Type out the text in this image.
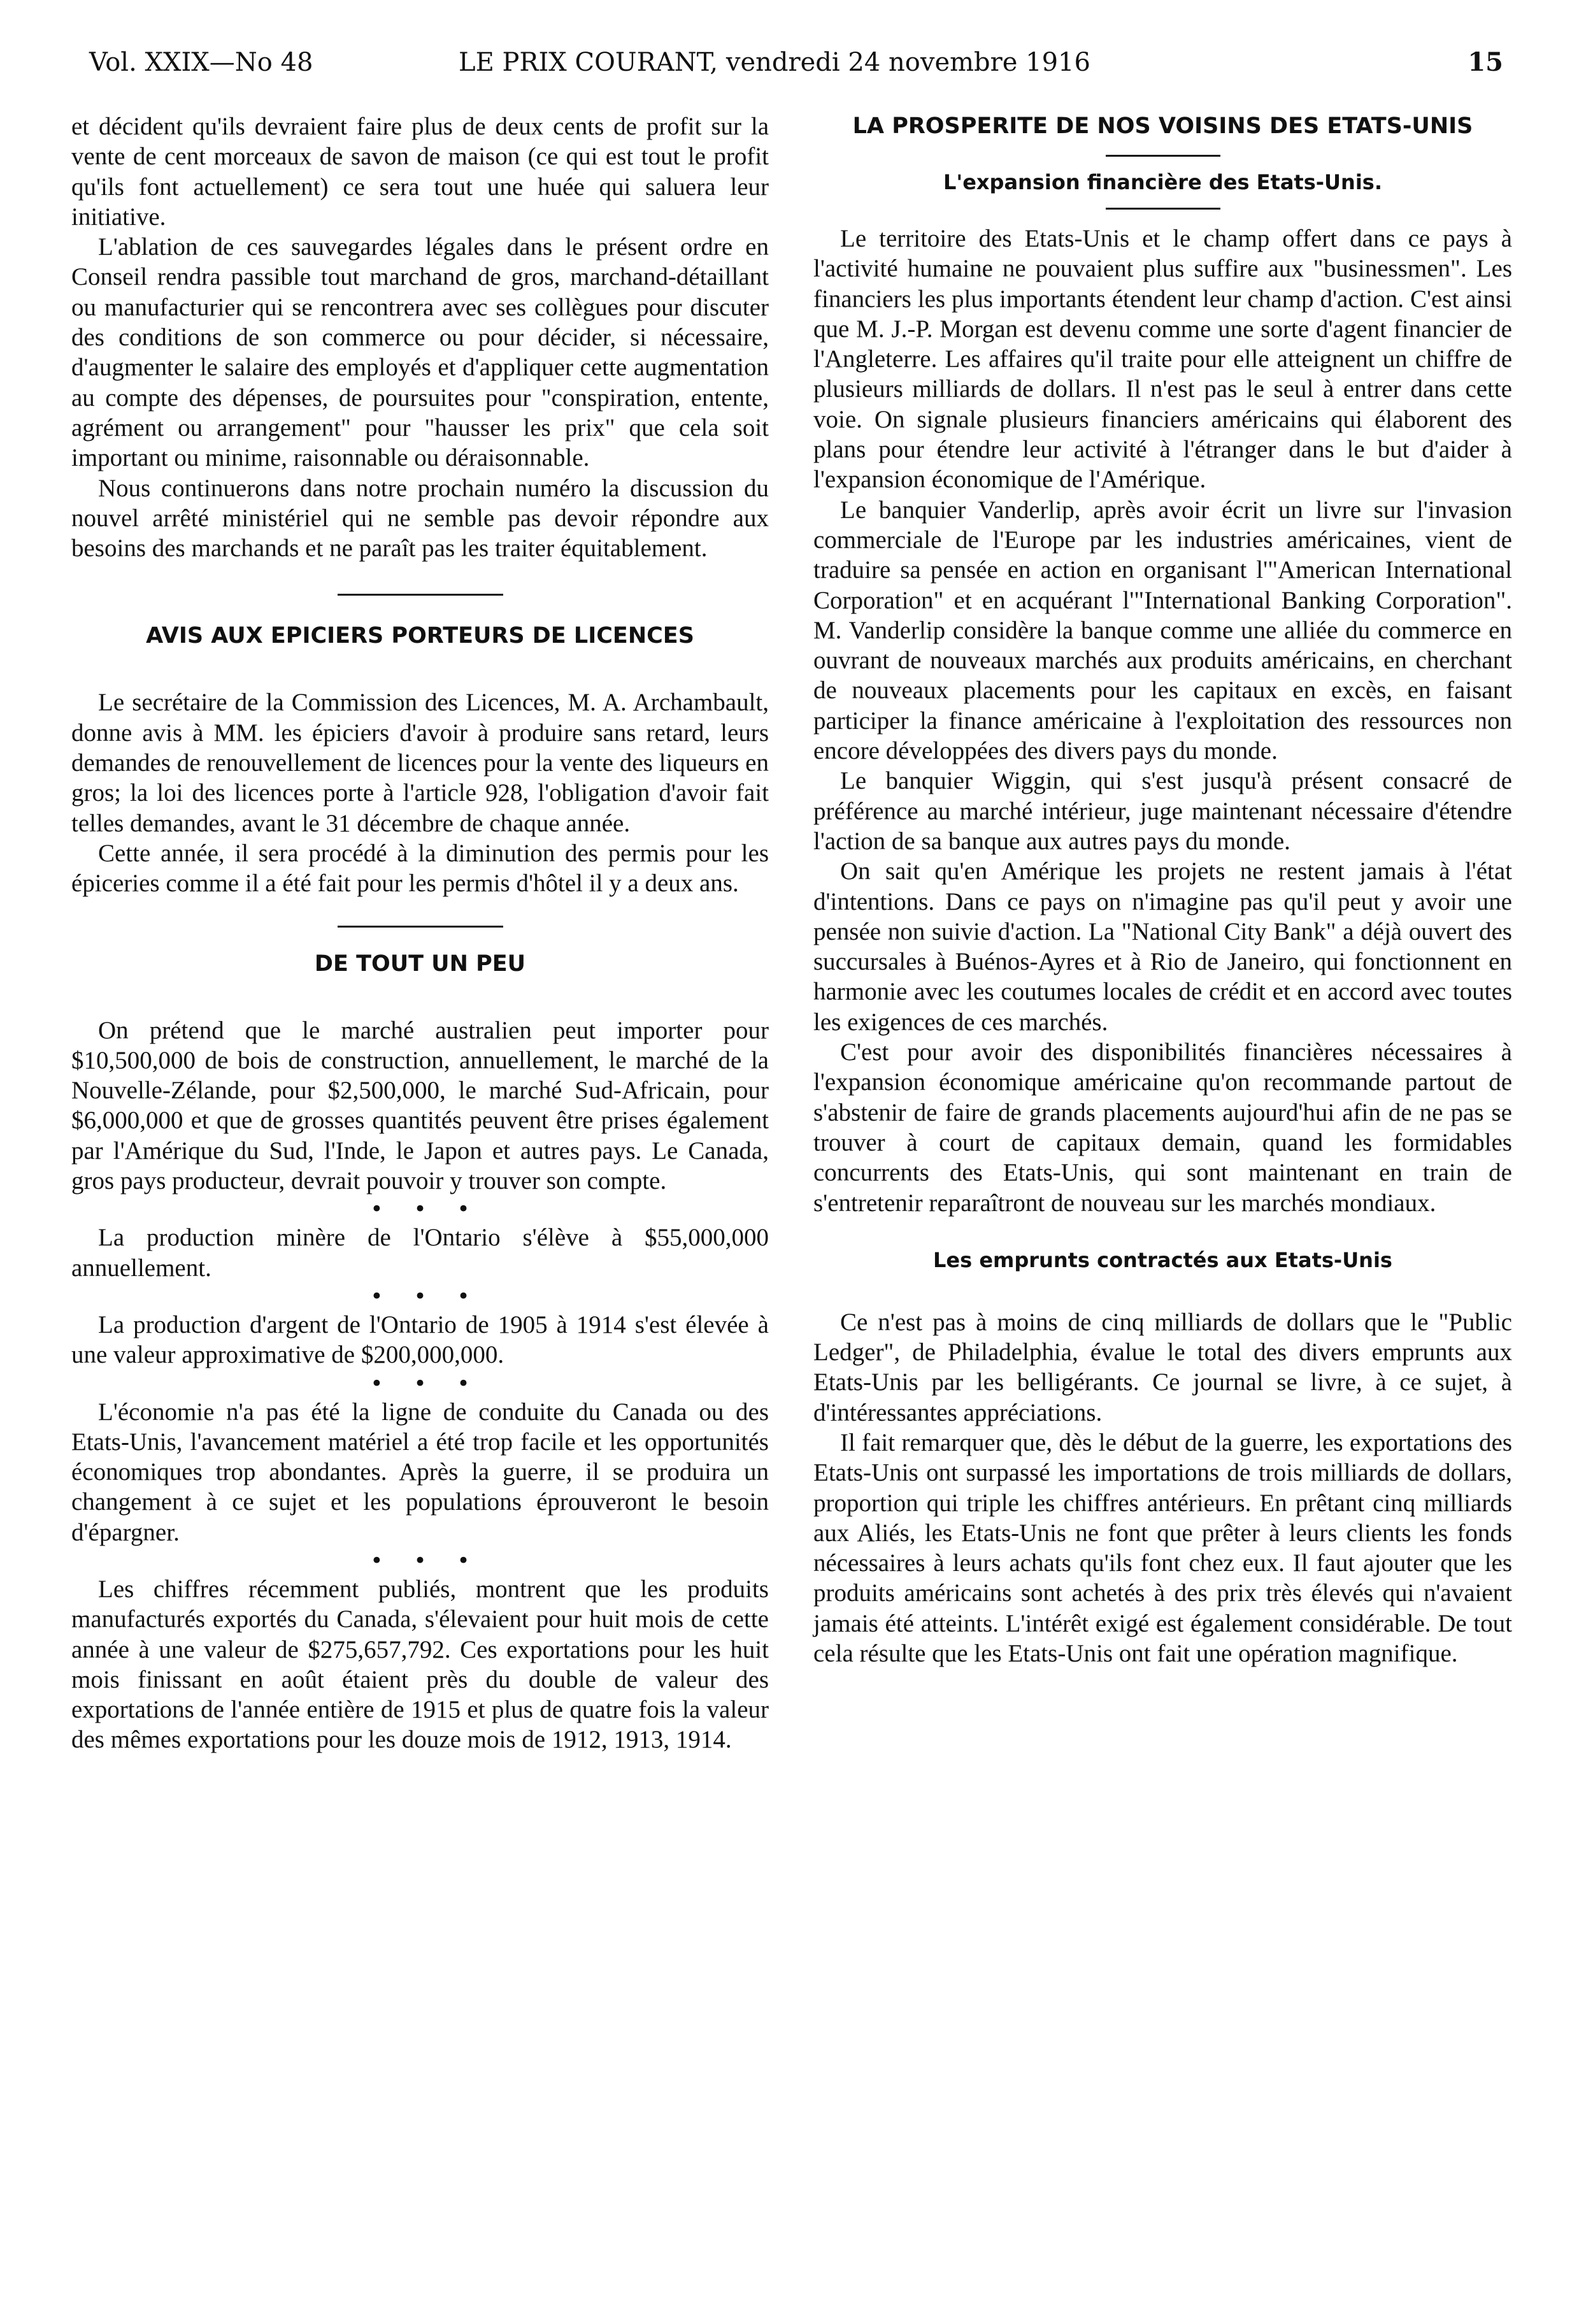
Vol. XXIX—No 48	LE PRIX COURANT, vendredi 24 novembre 1916	15

et décident qu'ils devraient faire plus de deux cents de profit sur la vente de cent morceaux de savon de maison (ce qui est tout le profit qu'ils font actuellement) ce sera tout une huée qui saluera leur initiative.

L'ablation de ces sauvegardes légales dans le présent ordre en Conseil rendra passible tout marchand de gros, marchand-détaillant ou manufacturier qui se rencontrera avec ses collègues pour discuter des conditions de son commerce ou pour décider, si nécessaire, d'augmenter le salaire des employés et d'appliquer cette augmentation au compte des dépenses, de poursuites pour "conspiration, entente, agrément ou arrangement" pour "hausser les prix" que cela soit important ou minime, raisonnable ou déraisonnable.

Nous continuerons dans notre prochain numéro la discussion du nouvel arrêté ministériel qui ne semble pas devoir répondre aux besoins des marchands et ne paraît pas les traiter équitablement.

AVIS AUX EPICIERS PORTEURS DE LICENCES

Le secrétaire de la Commission des Licences, M. A. Archambault, donne avis à MM. les épiciers d'avoir à produire sans retard, leurs demandes de renouvellement de licences pour la vente des liqueurs en gros; la loi des licences porte à l'article 928, l'obligation d'avoir fait telles demandes, avant le 31 décembre de chaque année.

Cette année, il sera procédé à la diminution des permis pour les épiceries comme il a été fait pour les permis d'hôtel il y a deux ans.

DE TOUT UN PEU

On prétend que le marché australien peut importer pour $10,500,000 de bois de construction, annuellement, le marché de la Nouvelle-Zélande, pour $2,500,000, le marché Sud-Africain, pour $6,000,000 et que de grosses quantités peuvent être prises également par l'Amérique du Sud, l'Inde, le Japon et autres pays. Le Canada, gros pays producteur, devrait pouvoir y trouver son compte.

•••

La production minère de l'Ontario s'élève à $55,000,000 annuellement.

•••

La production d'argent de l'Ontario de 1905 à 1914 s'est élevée à une valeur approximative de $200,000,000.

•••

L'économie n'a pas été la ligne de conduite du Canada ou des Etats-Unis, l'avancement matériel a été trop facile et les opportunités économiques trop abondantes. Après la guerre, il se produira un changement à ce sujet et les populations éprouveront le besoin d'épargner.

•••

Les chiffres récemment publiés, montrent que les produits manufacturés exportés du Canada, s'élevaient pour huit mois de cette année à une valeur de $275,657,792. Ces exportations pour les huit mois finissant en août étaient près du double de valeur des exportations de l'année entière de 1915 et plus de quatre fois la valeur des mêmes exportations pour les douze mois de 1912, 1913, 1914.

LA PROSPERITE DE NOS VOISINS DES ETATS-UNIS
L'expansion financière des Etats-Unis.

Le territoire des Etats-Unis et le champ offert dans ce pays à l'activité humaine ne pouvaient plus suffire aux "businessmen". Les financiers les plus importants étendent leur champ d'action. C'est ainsi que M. J.-P. Morgan est devenu comme une sorte d'agent financier de l'Angleterre. Les affaires qu'il traite pour elle atteignent un chiffre de plusieurs milliards de dollars. Il n'est pas le seul à entrer dans cette voie. On signale plusieurs financiers américains qui élaborent des plans pour étendre leur activité à l'étranger dans le but d'aider à l'expansion économique de l'Amérique.

Le banquier Vanderlip, après avoir écrit un livre sur l'invasion commerciale de l'Europe par les industries américaines, vient de traduire sa pensée en action en organisant l'"American International Corporation" et en acquérant l'"International Banking Corporation". M. Vanderlip considère la banque comme une alliée du commerce en ouvrant de nouveaux marchés aux produits américains, en cherchant de nouveaux placements pour les capitaux en excès, en faisant participer la finance américaine à l'exploitation des ressources non encore développées des divers pays du monde.

Le banquier Wiggin, qui s'est jusqu'à présent consacré de préférence au marché intérieur, juge maintenant nécessaire d'étendre l'action de sa banque aux autres pays du monde.

On sait qu'en Amérique les projets ne restent jamais à l'état d'intentions. Dans ce pays on n'imagine pas qu'il peut y avoir une pensée non suivie d'action. La "National City Bank" a déjà ouvert des succursales à Buénos-Ayres et à Rio de Janeiro, qui fonctionnent en harmonie avec les coutumes locales de crédit et en accord avec toutes les exigences de ces marchés.

C'est pour avoir des disponibilités financières nécessaires à l'expansion économique américaine qu'on recommande partout de s'abstenir de faire de grands placements aujourd'hui afin de ne pas se trouver à court de capitaux demain, quand les formidables concurrents des Etats-Unis, qui sont maintenant en train de s'entretenir reparaîtront de nouveau sur les marchés mondiaux.

Les emprunts contractés aux Etats-Unis

Ce n'est pas à moins de cinq milliards de dollars que le "Public Ledger", de Philadelphia, évalue le total des divers emprunts aux Etats-Unis par les belligérants. Ce journal se livre, à ce sujet, à d'intéressantes appréciations.

Il fait remarquer que, dès le début de la guerre, les exportations des Etats-Unis ont surpassé les importations de trois milliards de dollars, proportion qui triple les chiffres antérieurs. En prêtant cinq milliards aux Aliés, les Etats-Unis ne font que prêter à leurs clients les fonds nécessaires à leurs achats qu'ils font chez eux. Il faut ajouter que les produits américains sont achetés à des prix très élevés qui n'avaient jamais été atteints. L'intérêt exigé est également considérable. De tout cela résulte que les Etats-Unis ont fait une opération magnifique.
